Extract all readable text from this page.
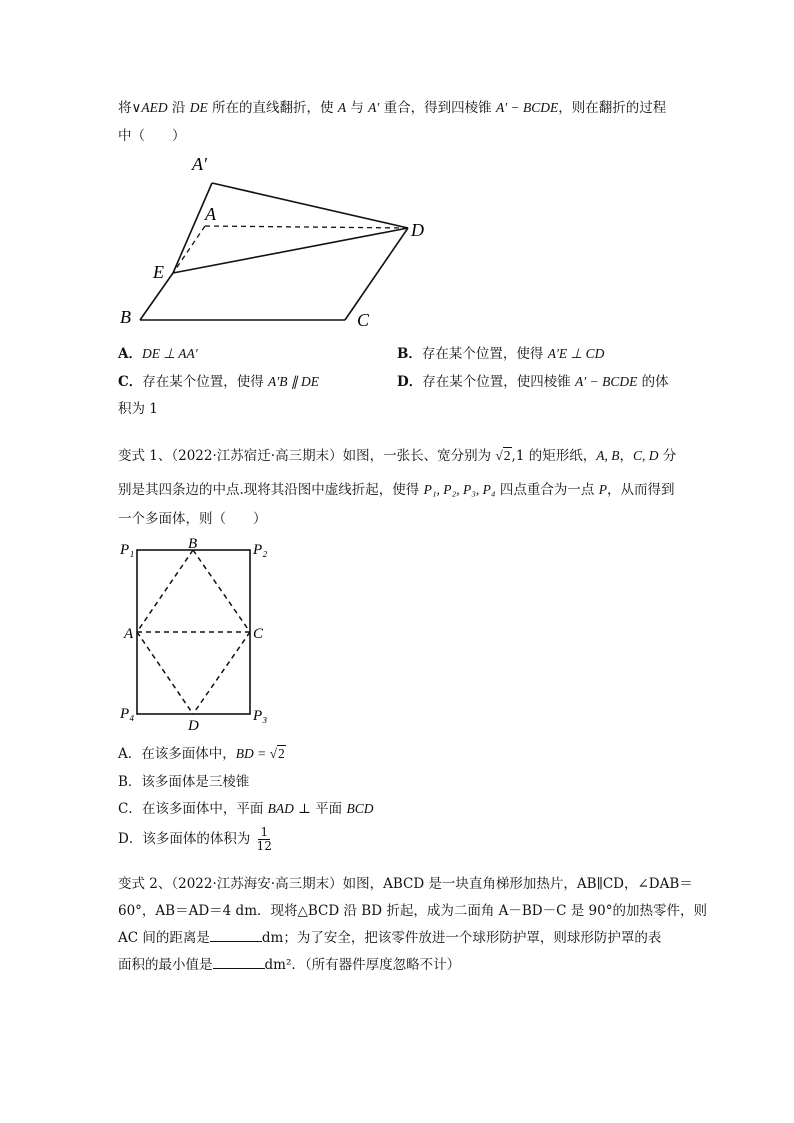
将∨AED 沿 DE 所在的直线翻折，使 A 与 A′ 重合，得到四棱锥 A′ − BCDE，则在翻折的过程
中（　　）
A′
A
D
E
B	C
A．DE ⊥ AA′	B．存在某个位置，使得 A′E ⊥ CD
C．存在某个位置，使得 A′B ∥ DE	D．存在某个位置，使四棱锥 A′ − BCDE 的体
积为 1
变式 1、（2022·江苏宿迁·高三期末）如图，一张长、宽分别为 √2,1 的矩形纸，A, B，C, D 分
别是其四条边的中点.现将其沿图中虚线折起，使得 P₁, P₂, P₃, P₄ 四点重合为一点 P，从而得到
一个多面体，则（　　）
P₁	B	P₂
A	C
P₄
D
P₃
A．在该多面体中，BD = √2
B．该多面体是三棱锥
C．在该多面体中，平面 BAD ⊥ 平面 BCD
D．该多面体的体积为 $\frac{1}{12}$
变式 2、（2022·江苏海安·高三期末）如图，ABCD 是一块直角梯形加热片，AB∥CD，∠DAB＝
60°，AB＝AD＝4 dm．现将△BCD 沿 BD 折起，成为二面角 A－BD－C 是 90°的加热零件，则
AC 间的距离是	dm；为了安全，把该零件放进一个球形防护罩，则球形防护罩的表
面积的最小值是	dm²．（所有器件厚度忽略不计）
